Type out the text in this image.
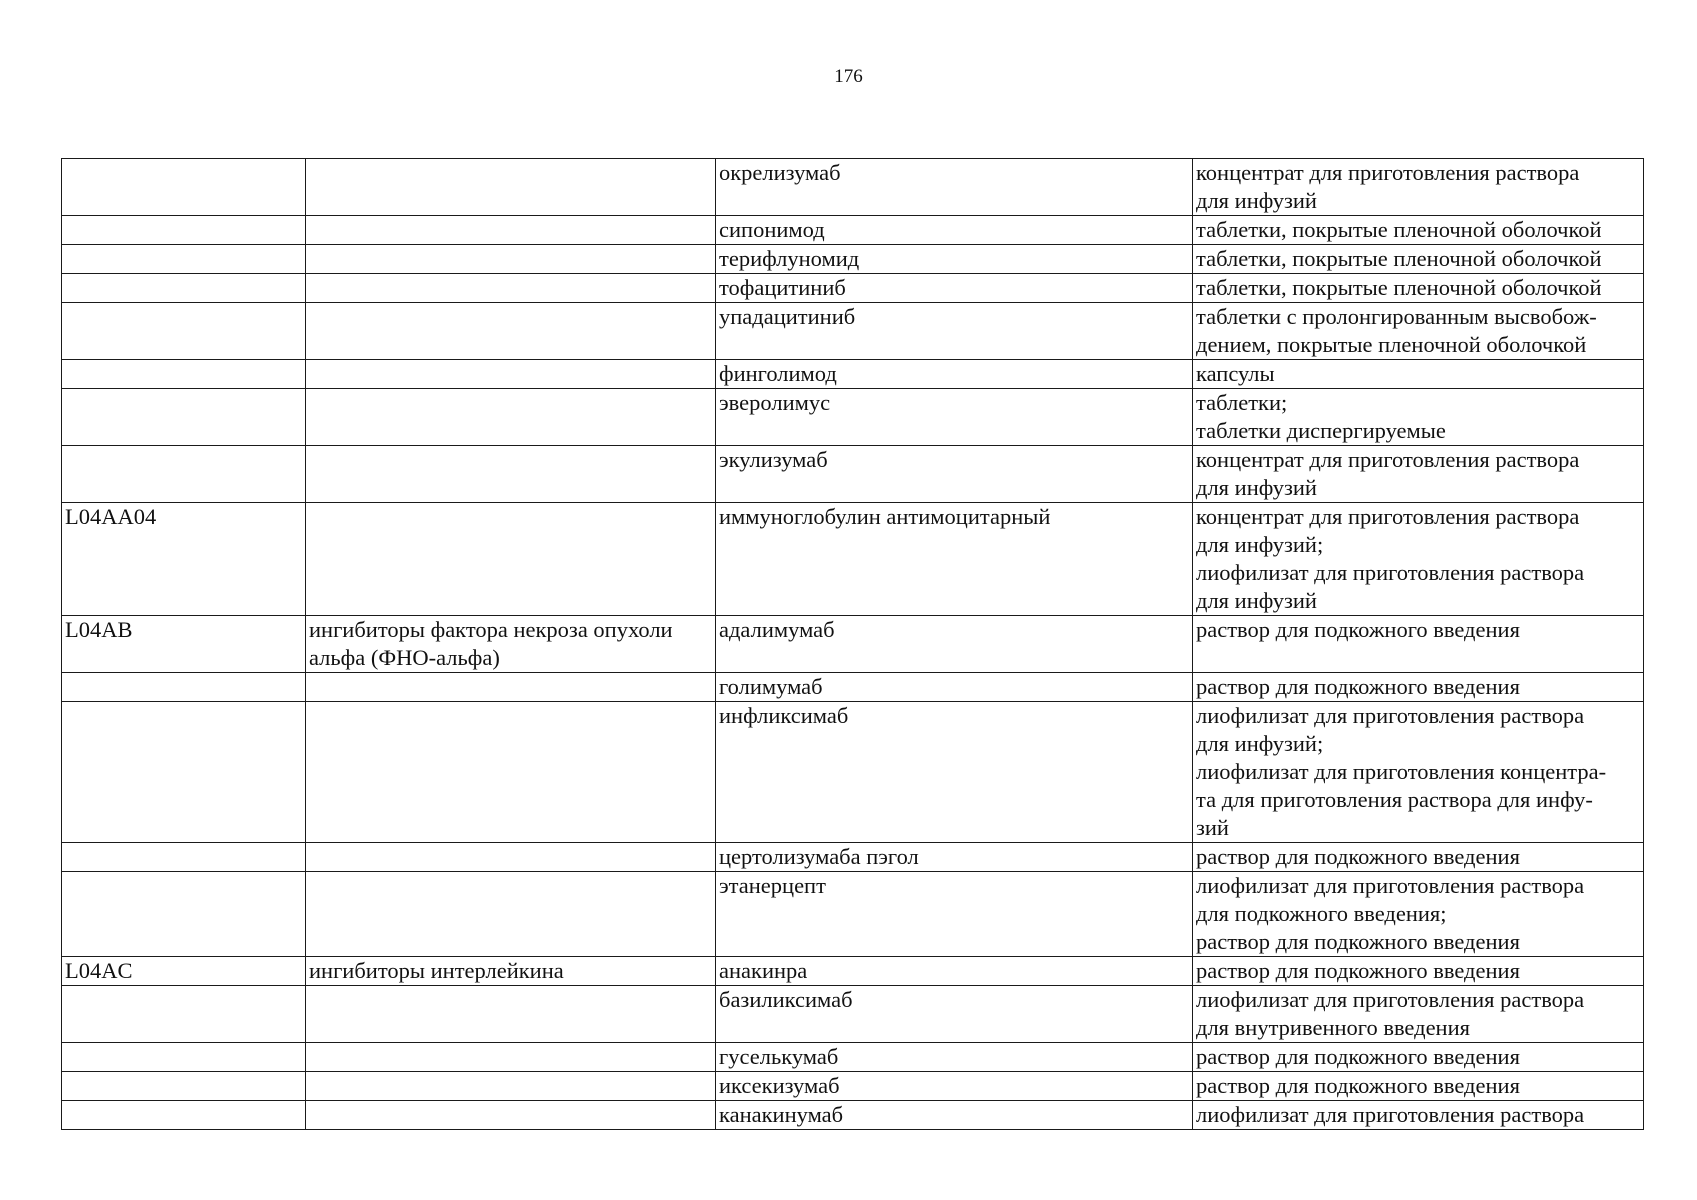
176
		окрелизумаб	концентрат для приготовления раствора
для инфузий
		сипонимод	таблетки, покрытые пленочной оболочкой
		терифлуномид	таблетки, покрытые пленочной оболочкой
		тофацитиниб	таблетки, покрытые пленочной оболочкой
		упадацитиниб	таблетки с пролонгированным высвобож-
дением, покрытые пленочной оболочкой
		финголимод	капсулы
		эверолимус	таблетки;
таблетки диспергируемые
		экулизумаб	концентрат для приготовления раствора
для инфузий
L04AA04		иммуноглобулин антимоцитарный	концентрат для приготовления раствора
для инфузий;
лиофилизат для приготовления раствора
для инфузий
L04AB	ингибиторы фактора некроза опухоли
альфа (ФНО-альфа)	адалимумаб	раствор для подкожного введения
		голимумаб	раствор для подкожного введения
		инфликсимаб	лиофилизат для приготовления раствора
для инфузий;
лиофилизат для приготовления концентра-
та для приготовления раствора для инфу-
зий
		цертолизумаба пэгол	раствор для подкожного введения
		этанерцепт	лиофилизат для приготовления раствора
для подкожного введения;
раствор для подкожного введения
L04AC	ингибиторы интерлейкина	анакинра	раствор для подкожного введения
		базиликсимаб	лиофилизат для приготовления раствора
для внутривенного введения
		гуселькумаб	раствор для подкожного введения
		иксекизумаб	раствор для подкожного введения
		канакинумаб	лиофилизат для приготовления раствора
